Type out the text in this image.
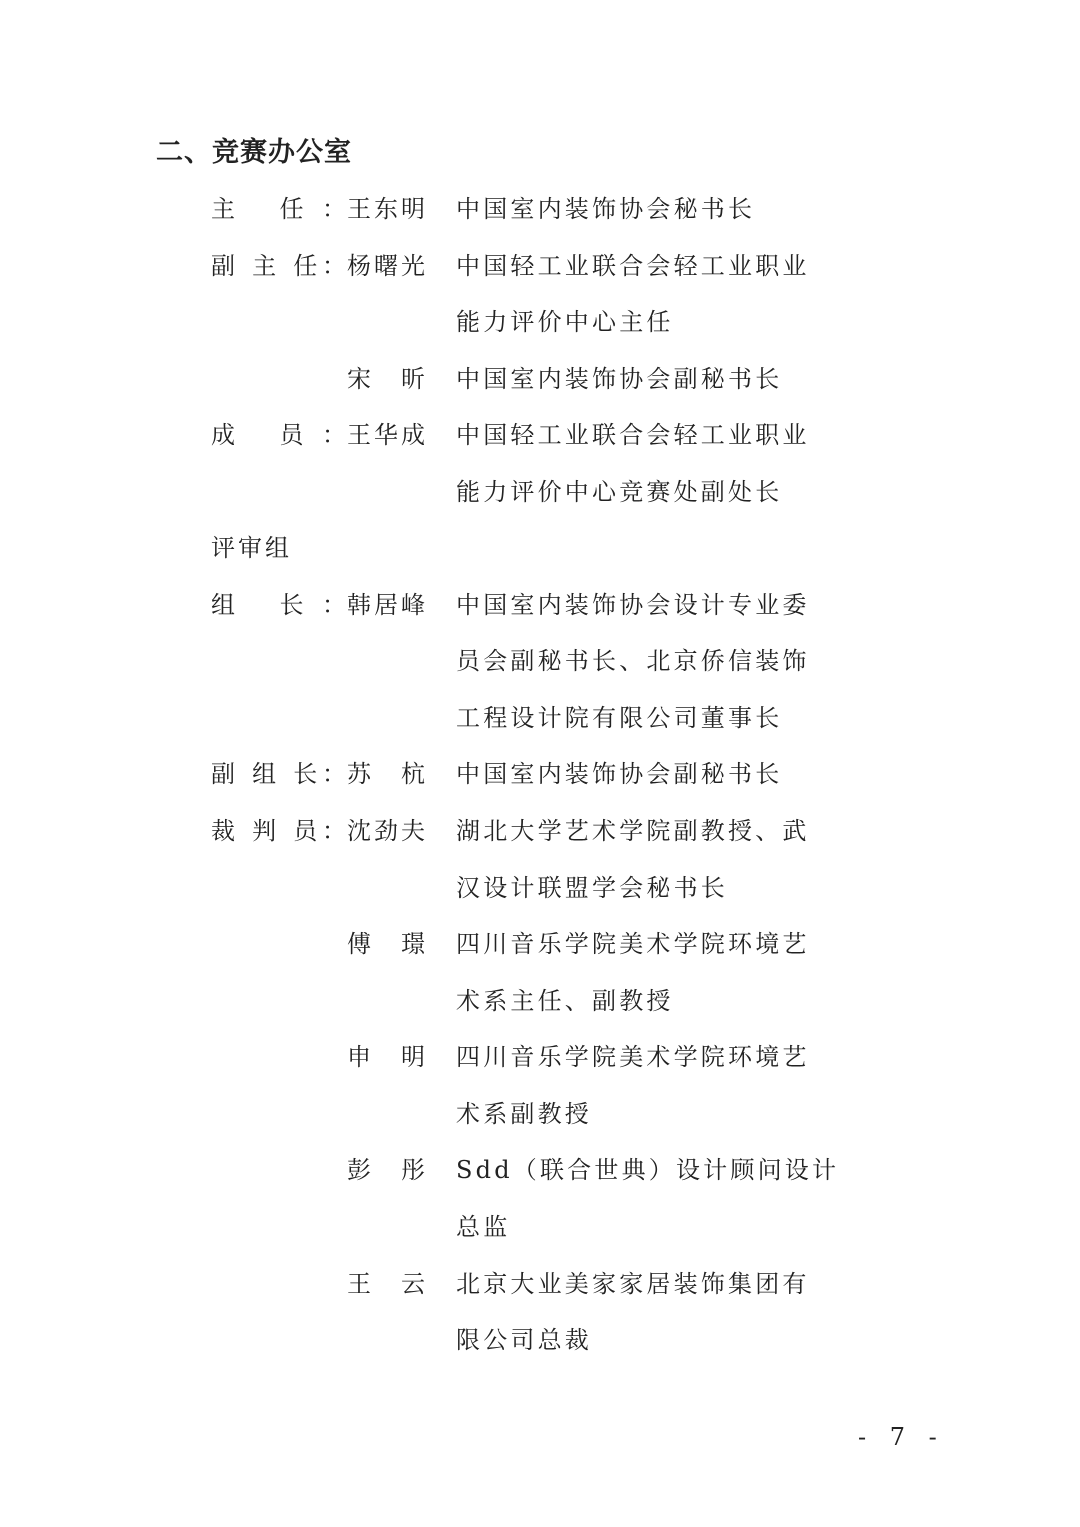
二、竞赛办公室
主 任： 王东明 中国室内装饰协会秘书长
副 主 任： 杨曙光 中国轻工业联合会轻工业职业
能力评价中心主任
宋 昕 中国室内装饰协会副秘书长
成 员： 王华成 中国轻工业联合会轻工业职业
能力评价中心竞赛处副处长
评审组
组 长： 韩居峰 中国室内装饰协会设计专业委
员会副秘书长、北京侨信装饰
工程设计院有限公司董事长
副 组 长： 苏 杭 中国室内装饰协会副秘书长
裁 判 员： 沈劲夫 湖北大学艺术学院副教授、武
汉设计联盟学会秘书长
傅 璟 四川音乐学院美术学院环境艺
术系主任、副教授
申 明 四川音乐学院美术学院环境艺
术系副教授
彭 彤 Sdd（联合世典）设计顾问设计
总监
王 云 北京大业美家家居装饰集团有
限公司总裁
- 7 -
